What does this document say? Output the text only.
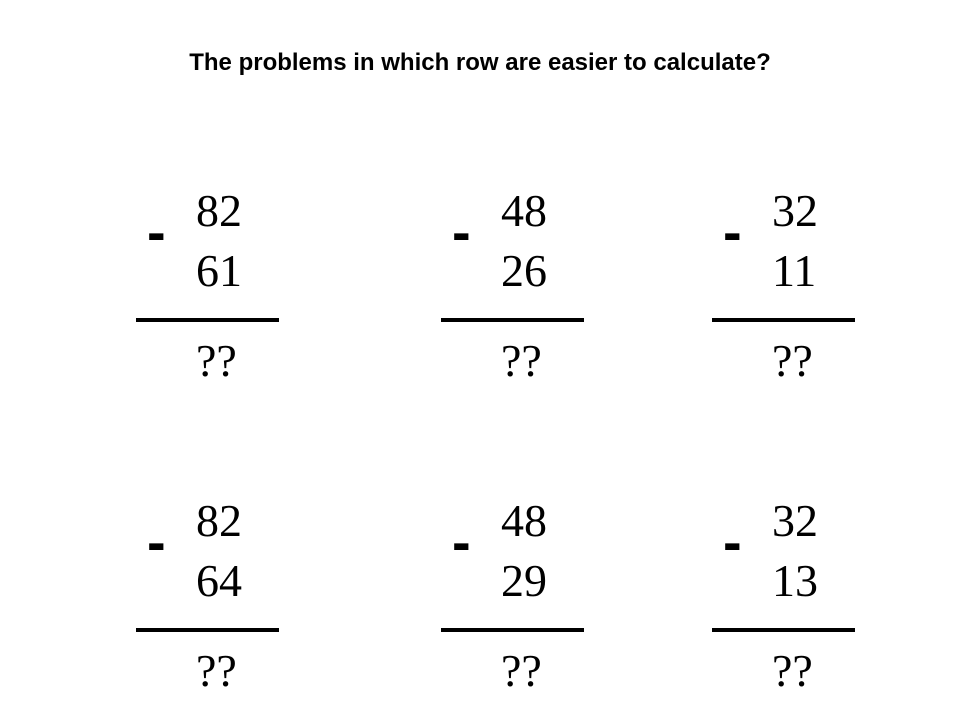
The problems in which row are easier to calculate?
- 82
61
??
- 48
26
??
- 32
11
??
- 82
64
??
- 48
29
??
- 32
13
??
